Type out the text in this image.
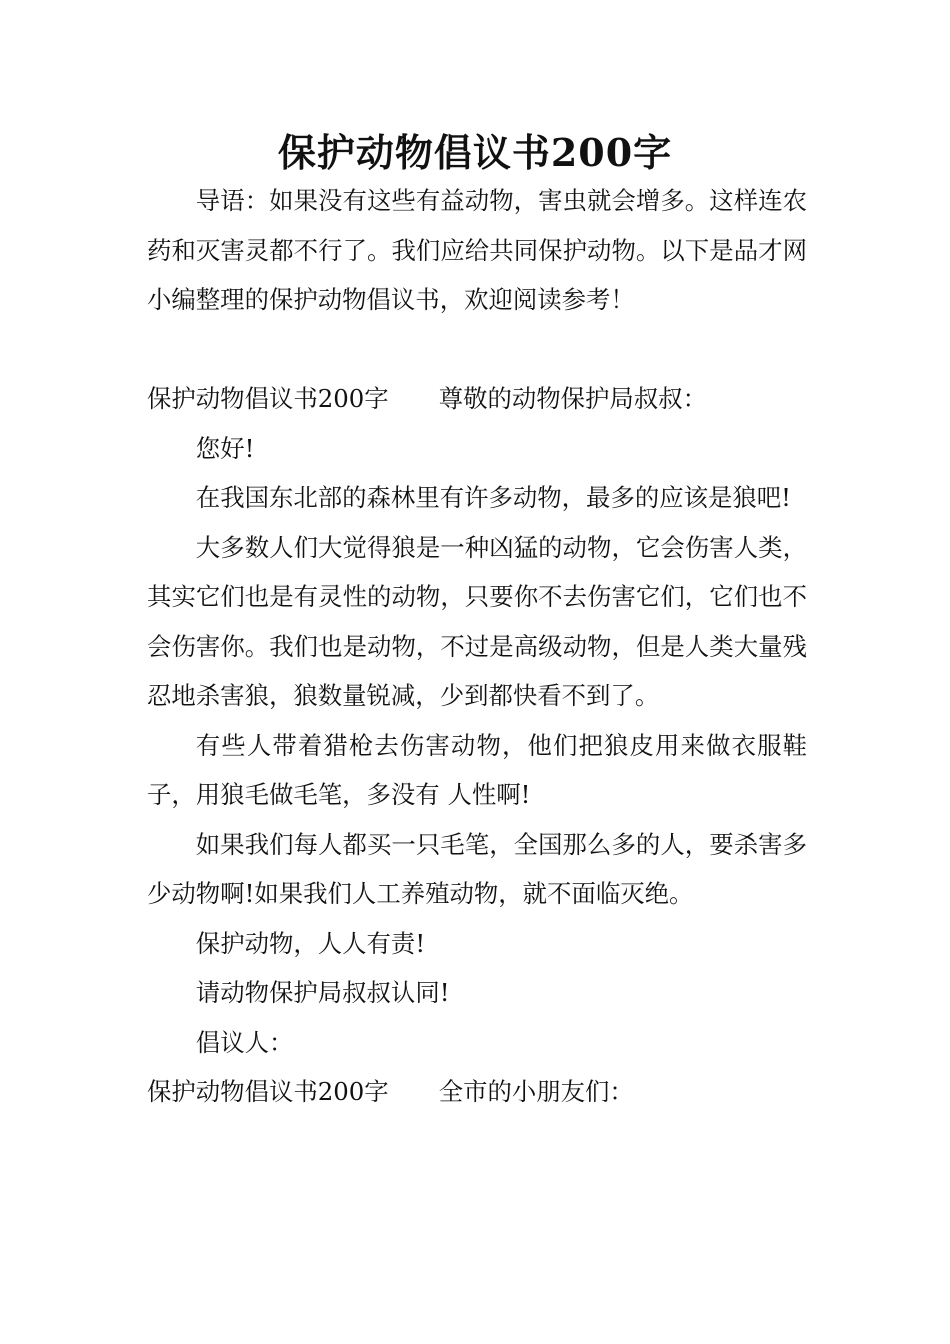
保护动物倡议书200字

导语：如果没有这些有益动物，害虫就会增多。这样连农药和灭害灵都不行了。我们应给共同保护动物。以下是品才网小编整理的保护动物倡议书，欢迎阅读参考！

保护动物倡议书200字 尊敬的动物保护局叔叔：

您好!

在我国东北部的森林里有许多动物，最多的应该是狼吧!

大多数人们大觉得狼是一种凶猛的动物，它会伤害人类，其实它们也是有灵性的动物，只要你不去伤害它们，它们也不会伤害你。我们也是动物，不过是高级动物，但是人类大量残忍地杀害狼，狼数量锐减，少到都快看不到了。

有些人带着猎枪去伤害动物，他们把狼皮用来做衣服鞋子，用狼毛做毛笔，多没有 人性啊!

如果我们每人都买一只毛笔，全国那么多的人，要杀害多少动物啊!如果我们人工养殖动物，就不面临灭绝。

保护动物，人人有责!

请动物保护局叔叔认同!

倡议人：

保护动物倡议书200字 全市的小朋友们：
